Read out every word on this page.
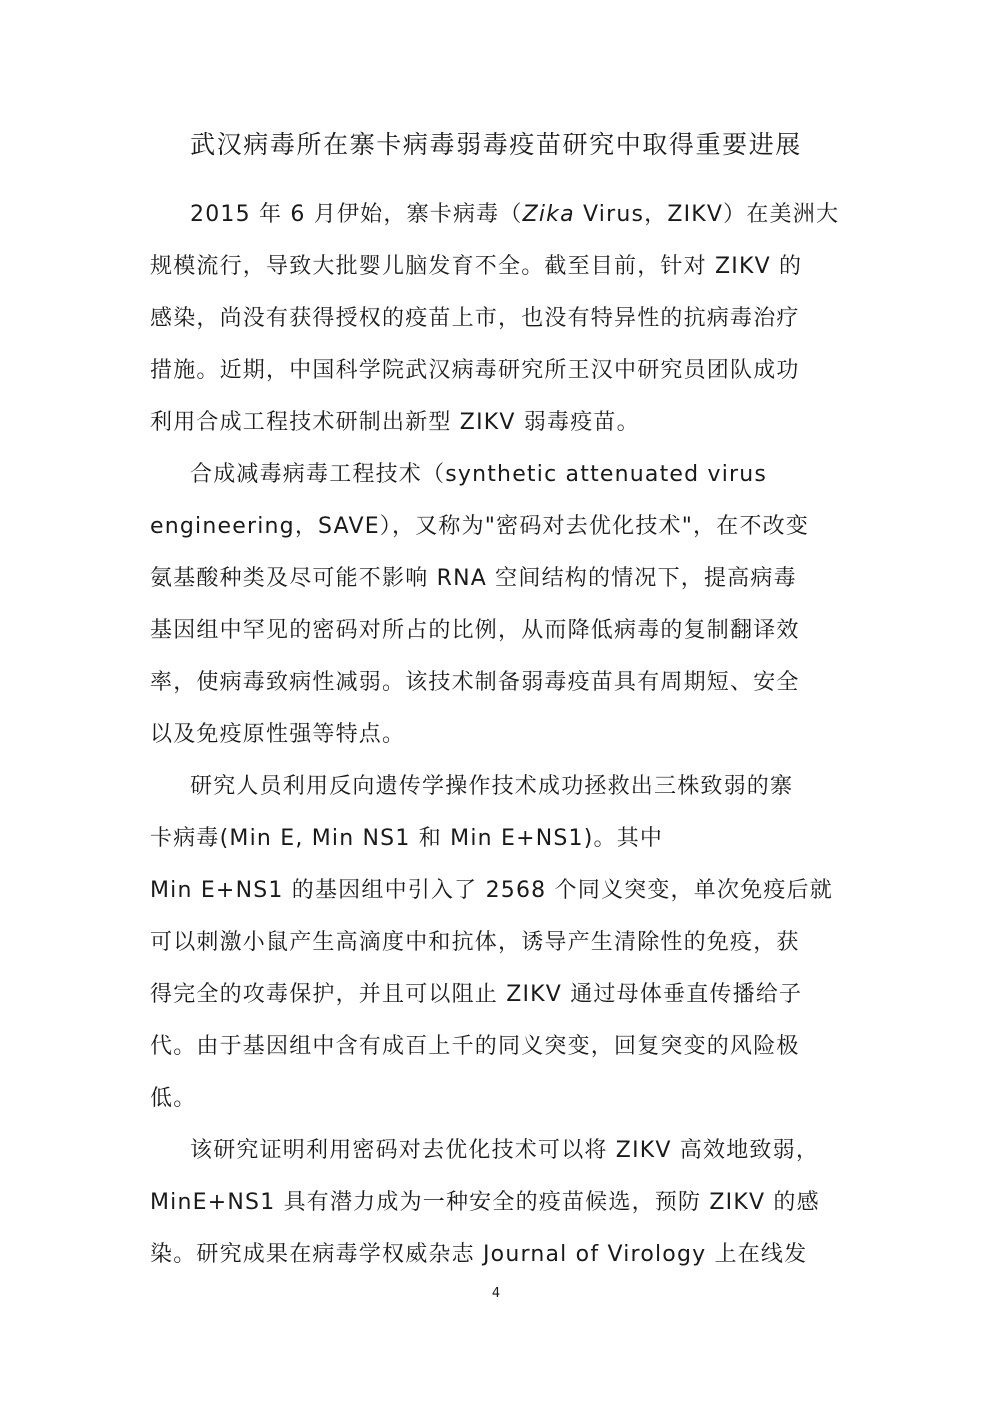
武汉病毒所在寨卡病毒弱毒疫苗研究中取得重要进展

2015 年 6 月伊始，寨卡病毒（Zika Virus，ZIKV）在美洲大
规模流行，导致大批婴儿脑发育不全。截至目前，针对 ZIKV 的
感染，尚没有获得授权的疫苗上市，也没有特异性的抗病毒治疗
措施。近期，中国科学院武汉病毒研究所王汉中研究员团队成功
利用合成工程技术研制出新型 ZIKV 弱毒疫苗。

合成减毒病毒工程技术（synthetic attenuated virus
engineering，SAVE），又称为"密码对去优化技术"，在不改变
氨基酸种类及尽可能不影响 RNA 空间结构的情况下，提高病毒
基因组中罕见的密码对所占的比例，从而降低病毒的复制翻译效
率，使病毒致病性减弱。该技术制备弱毒疫苗具有周期短、安全
以及免疫原性强等特点。

研究人员利用反向遗传学操作技术成功拯救出三株致弱的寨
卡病毒(Min E, Min NS1 和 Min E+NS1)。其中
Min E+NS1 的基因组中引入了 2568 个同义突变，单次免疫后就
可以刺激小鼠产生高滴度中和抗体，诱导产生清除性的免疫，获
得完全的攻毒保护，并且可以阻止 ZIKV 通过母体垂直传播给子
代。由于基因组中含有成百上千的同义突变，回复突变的风险极
低。

该研究证明利用密码对去优化技术可以将 ZIKV 高效地致弱，
MinE+NS1 具有潜力成为一种安全的疫苗候选，预防 ZIKV 的感
染。研究成果在病毒学权威杂志 Journal of Virology 上在线发

4
